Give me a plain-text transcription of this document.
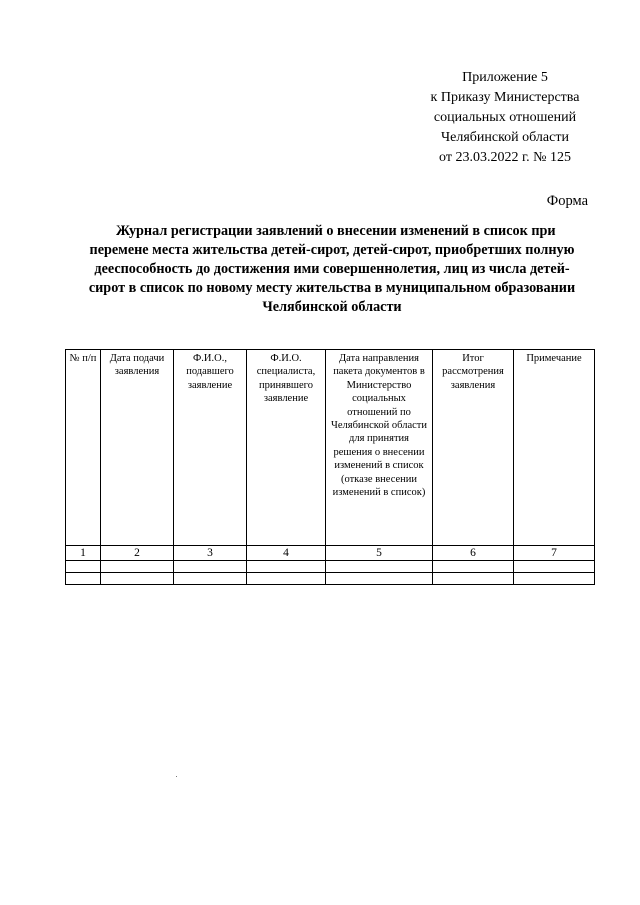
Приложение 5
к Приказу Министерства
социальных отношений
Челябинской области
от 23.03.2022 г. № 125
Форма
Журнал регистрации заявлений о внесении изменений в список при
перемене места жительства детей-сирот, детей-сирот, приобретших полную
дееспособность до достижения ими совершеннолетия, лиц из числа детей-
сирот в список по новому месту жительства в муниципальном образовании
Челябинской области
№ п/п	Дата подачи заявления	Ф.И.О., подавшего заявление	Ф.И.О. специалиста, принявшего заявление	Дата направления пакета документов в Министерство социальных отношений по Челябинской области для принятия решения о внесении изменений в список (отказе внесении изменений в список)	Итог рассмотрения заявления	Примечание
1	2	3	4	5	6	7
